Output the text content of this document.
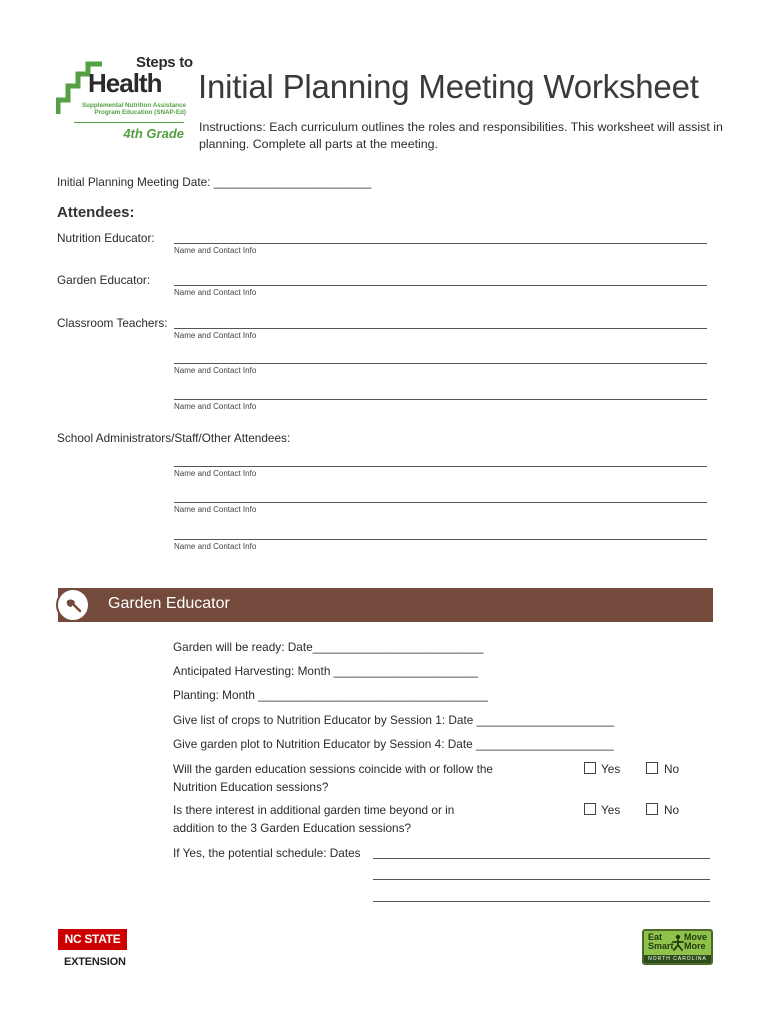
Steps to
Health
Supplemental Nutrition Assistance
Program Education (SNAP-Ed)
4th Grade
Initial Planning Meeting Worksheet
Instructions: Each curriculum outlines the roles and responsibilities. This worksheet will assist in planning. Complete all parts at the meeting.
Initial Planning Meeting Date: ________________________
Attendees:
Nutrition Educator:
Name and Contact Info
Garden Educator:
Name and Contact Info
Classroom Teachers:
Name and Contact Info
Name and Contact Info
Name and Contact Info
School Administrators/Staff/Other Attendees:
Name and Contact Info
Name and Contact Info
Name and Contact Info
Garden Educator
Garden will be ready: Date__________________________
Anticipated Harvesting: Month ______________________
Planting: Month ___________________________________
Give list of crops to Nutrition Educator by Session 1: Date _____________________
Give garden plot to Nutrition Educator by Session 4: Date _____________________
Will the garden education sessions coincide with or follow the
Nutrition Education sessions?
Yes	No
Is there interest in additional garden time beyond or in
addition to the 3 Garden Education sessions?
Yes	No
If Yes, the potential schedule: Dates
NC STATE
EXTENSION
Eat
Smart
Move
More
NORTH CAROLINA
